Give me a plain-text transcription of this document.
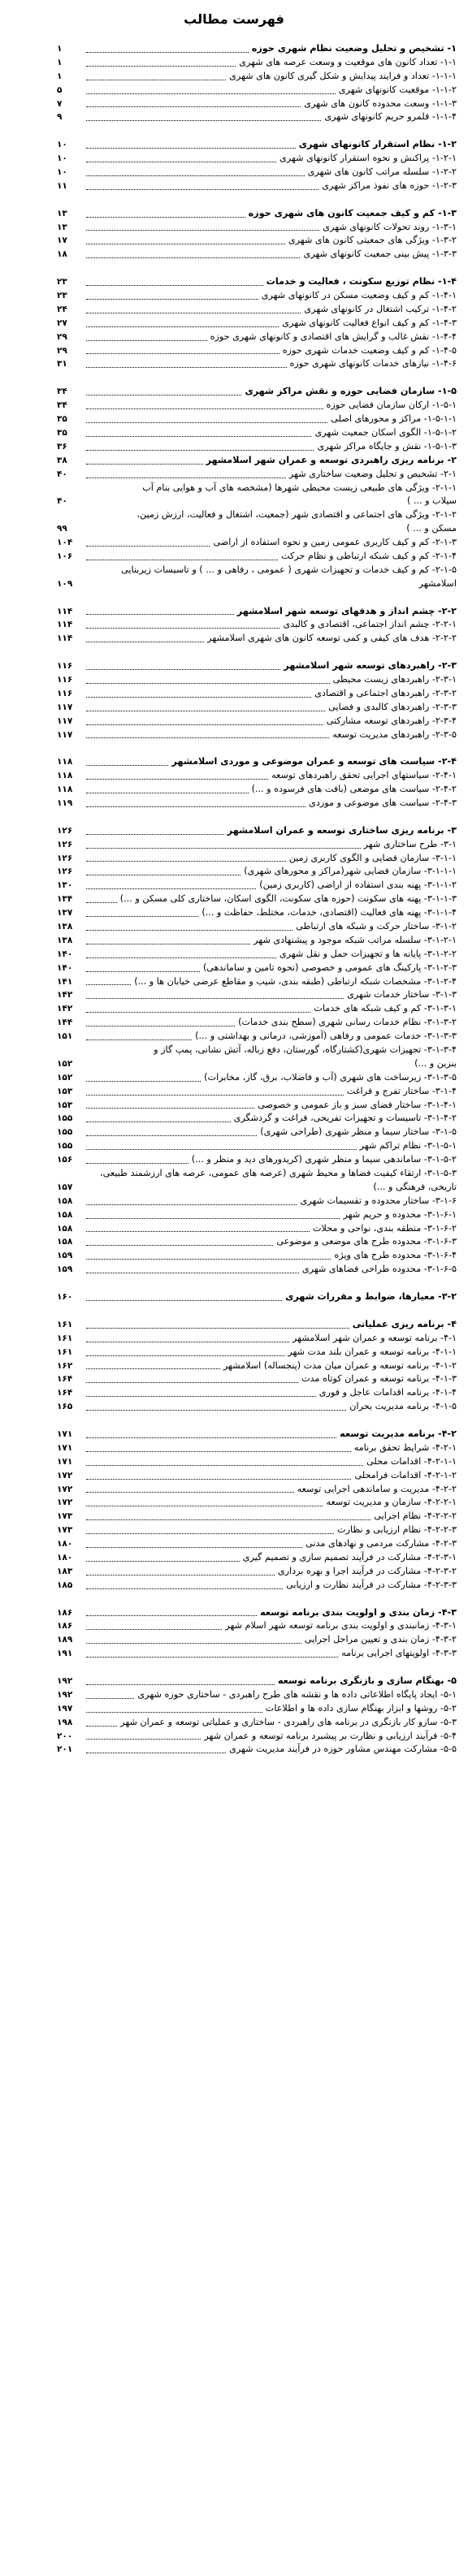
فهرست مطالب
۱- تشخیص و تحلیل وضعیت نظام شهری حوزه
۱
۱-۱- تعداد کانون های موقعیت و وسعت عرصه های شهری
۱
۱-۱-۱- تعداد و فرایند پیدایش و شکل گیری کانون های شهری
۱
۱-۱-۲- موقعیت کانونهای شهری
۵
۱-۱-۳- وسعت محدوده کانون های شهری
۷
۱-۱-۴- قلمرو حریم کانونهای شهری
۹
۱-۲- نظام استقرار کانونهای شهری
۱۰
۱-۲-۱- پراکنش و نحوه استقرار کانونهای شهری
۱۰
۱-۲-۲- سلسله مراتب کانون های شهری
۱۰
۱-۲-۳- حوزه های نفوذ مراکز شهری
۱۱
۱-۳- کم و کیف جمعیت کانون های شهری حوزه
۱۳
۱-۳-۱- روند تحولات کانونهای شهری
۱۳
۱-۳-۲- ویژگی های جمعیتی کانون های شهری
۱۷
۱-۳-۳- پیش بینی جمعیت کانونهای شهری
۱۸
۱-۴- نظام توزیع سکونت ، فعالیت و خدمات
۲۳
۱-۴-۱- کم و کیف وضعیت مسکن در کانونهای شهری
۲۳
۱-۴-۲- ترکیب اشتغال در کانونهای شهری
۲۴
۱-۴-۳- کم و کیف انواع فعالیت کانونهای شهری
۲۷
۱-۴-۴- نقش غالب و گرایش های اقتصادی و کانونهای شهری حوزه
۲۹
۱-۴-۵- کم و کیف وضعیت خدمات شهری حوزه
۲۹
۱-۴-۶- نیازهای خدمات کانونهای شهری حوزه
۳۱
۱-۵- سازمان فضایی حوزه و نقش مراکز شهری
۳۴
۱-۵-۱- ارکان سازمان فضایی حوزه
۳۴
۱-۵-۱-۱- مراکز و محورهای اصلی
۳۵
۱-۵-۱-۲- الگوی اسکان جمعیت شهری
۳۵
۱-۵-۱-۳- نقش و جایگاه مراکز شهری
۳۶
۲- برنامه ریزی راهبردی توسعه و عمران شهر اسلامشهر
۳۸
۲-۱- تشخیص و تحلیل وضعیت ساختاری شهر
۴۰
۲-۱-۱- ویژگی های طبیعی زیست محیطی شهرها (مشخصه های آب و هوایی بنام آب
سیلاب و ... )
۴۰
۲-۱-۲- ویژگی های اجتماعی و اقتصادی شهر (جمعیت، اشتغال و فعالیت، ارزش زمین،
مسکن و ... )
۹۹
۲-۱-۳- کم و کیف کاربری عمومی زمین و نحوه استفاده از اراضی
۱۰۴
۲-۱-۴- کم و کیف شبکه ارتباطی و نظام حرکت
۱۰۶
۲-۱-۵- کم و کیف خدمات و تجهیزات شهری ( عمومی ، رفاهی و ... ) و تاسیسات زیربنایی
اسلامشهر
۱۰۹
۲-۲- چشم انداز و هدفهای توسعه شهر اسلامشهر
۱۱۴
۲-۲-۱- چشم انداز اجتماعی، اقتصادی و کالبدی
۱۱۴
۲-۲-۲- هدف های کیفی و کمی توسعه کانون های شهری اسلامشهر
۱۱۴
۲-۳- راهبردهای توسعه شهر اسلامشهر
۱۱۶
۲-۳-۱- راهبردهای زیست محیطی
۱۱۶
۲-۳-۲- راهبردهای اجتماعی و اقتصادی
۱۱۶
۲-۳-۳- راهبردهای کالبدی و فضایی
۱۱۷
۲-۳-۴- راهبردهای توسعه مشارکتی
۱۱۷
۲-۳-۵- راهبردهای مدیریت توسعه
۱۱۷
۲-۴- سیاست های توسعه و عمران موضوعی و موردی اسلامشهر
۱۱۸
۲-۴-۱- سیاستهای اجرایی تحقق راهبردهای توسعه
۱۱۸
۲-۴-۲- سیاست های موضعی (بافت های فرسوده و ...)
۱۱۸
۲-۴-۳- سیاست های موضوعی و موردی
۱۱۹
۳- برنامه ریزی ساختاری توسعه و عمران اسلامشهر
۱۲۶
۳-۱- طرح ساختاری شهر
۱۲۶
۳-۱-۱- سازمان فضایی و الگوی کاربری زمین
۱۲۶
۳-۱-۱-۱- سازمان فضایی شهر(مراکز و محورهای شهری)
۱۲۶
۳-۱-۱-۲- پهنه بندی استفاده از اراضی (کاربری زمین)
۱۳۰
۳-۱-۱-۳- پهنه های سکونت (حوزه های سکونت، الگوی اسکان، ساختاری کلی مسکن و ...)
۱۳۴
۳-۱-۱-۴- پهنه های فعالیت (اقتصادی، خدمات، مختلط، حفاظت و ...)
۱۳۷
۳-۱-۲- ساختار حرکت و شبکه های ارتباطی
۱۳۸
۳-۱-۲-۱- سلسله مراتب شبکه موجود و پیشنهادی شهر
۱۳۸
۳-۱-۲-۲- پایانه ها و تجهیزات حمل و نقل شهری
۱۴۰
۳-۱-۲-۳- پارکینگ های عمومی و خصوصی (نحوه تامین و ساماندهی)
۱۴۰
۳-۱-۲-۴- مشخصات شبکه ارتباطی (طبقه بندی، شیب و مقاطع عرضی خیابان ها و ...)
۱۴۱
۳-۱-۳- ساختار خدمات شهری
۱۴۲
۳-۱-۳-۱- کم و کیف شبکه های خدمات
۱۴۲
۳-۱-۳-۲- نظام خدمات رسانی شهری (سطح بندی خدمات)
۱۴۴
۳-۱-۳-۳- خدمات عمومی و رفاهی (آموزشی، درمانی و بهداشتی و ...)
۱۵۱
۳-۱-۳-۴- تجهیزات شهری(کشتارگاه، گورستان، دفع زباله، آتش نشانی، پمپ گاز و
بنزین و ...)
۱۵۲
۳-۱-۳-۵- زیرساخت های شهری (آب و فاضلاب، برق، گاز، مخابرات)
۱۵۲
۳-۱-۴- ساختار تفرج و فراغت
۱۵۳
۳-۱-۴-۱- ساختار فضای سبز و باز عمومی و خصوصی
۱۵۳
۳-۱-۴-۲- تاسیسات و تجهیزات تفریحی، فراغت و گردشگری
۱۵۵
۳-۱-۵- ساختار سیما و منظر شهری (طراحی شهری)
۱۵۵
۳-۱-۵-۱- نظام تراکم شهر
۱۵۵
۳-۱-۵-۲- ساماندهی سیما و منظر شهری (کریدورهای دید و منظر و ...)
۱۵۶
۳-۱-۵-۳- ارتقاء کیفیت فضاها و محیط شهری (عرصه های عمومی، عرصه های ارزشمند طبیعی،
تاریخی، فرهنگی و ...)
۱۵۷
۳-۱-۶- ساختار محدوده و تقسیمات شهری
۱۵۸
۳-۱-۶-۱- محدوده و حریم شهر
۱۵۸
۳-۱-۶-۲- منطقه بندی، نواحی و محلات
۱۵۸
۳-۱-۶-۳- محدوده طرح های موضعی و موضوعی
۱۵۸
۳-۱-۶-۴- محدوده طرح های ویژه
۱۵۹
۳-۱-۶-۵- محدوده طراحی فضاهای شهری
۱۵۹
۳-۲- معیارها، ضوابط و مقررات شهری
۱۶۰
۴- برنامه ریزی عملیاتی
۱۶۱
۴-۱- برنامه توسعه و عمران شهر اسلامشهر
۱۶۱
۴-۱-۱- برنامه توسعه و عمران بلند مدت شهر
۱۶۱
۴-۱-۲- برنامه توسعه و عمران میان مدت (پنجساله) اسلامشهر
۱۶۲
۴-۱-۳- برنامه توسعه و عمران کوتاه مدت
۱۶۴
۴-۱-۴- برنامه اقدامات عاجل و فوری
۱۶۴
۴-۱-۵- برنامه مدیریت بحران
۱۶۵
۴-۲- برنامه مدیریت توسعه
۱۷۱
۴-۲-۱- شرایط تحقق برنامه
۱۷۱
۴-۲-۱-۱- اقدامات محلی
۱۷۱
۴-۲-۱-۲- اقدامات فرامحلی
۱۷۲
۴-۲-۲- مدیریت و ساماندهی اجرایی توسعه
۱۷۲
۴-۲-۲-۱- سازمان و مدیریت توسعه
۱۷۲
۴-۲-۲-۲- نظام اجرایی
۱۷۳
۴-۲-۲-۳- نظام ارزیابی و نظارت
۱۷۳
۴-۲-۳- مشارکت مردمی و نهادهای مدنی
۱۸۰
۴-۲-۳-۱- مشارکت در فرآیند تصمیم سازی و تصمیم گیری
۱۸۰
۴-۲-۳-۲- مشارکت در فرآیند اجرا و بهره برداری
۱۸۳
۴-۲-۳-۳- مشارکت در فرآیند نظارت و ارزیابی
۱۸۵
۴-۳- زمان بندی و اولویت بندی برنامه توسعه
۱۸۶
۴-۳-۱- زمانبندی و اولویت بندی برنامه توسعه شهر اسلام شهر
۱۸۶
۴-۳-۲- زمان بندی و تعیین مراحل اجرایی
۱۸۹
۴-۳-۳- اولویتهای اجرایی برنامه
۱۹۱
۵- بهنگام سازی و بازنگری برنامه توسعه
۱۹۲
۵-۱- ایجاد پایگاه اطلاعاتی داده ها و نقشه های طرح راهبردی - ساختاری حوزه شهری
۱۹۲
۵-۲- روشها و ابزار بهنگام سازی داده ها و اطلاعات
۱۹۷
۵-۳- سازو کار بازنگری در برنامه های راهبردی - ساختاری و عملیاتی توسعه و عمران شهر
۱۹۸
۵-۴- فرآیند ارزیابی و نظارت بر پیشبرد برنامه توسعه و عمران شهر
۲۰۰
۵-۵- مشارکت مهندس مشاور حوزه در فرآیند مدیریت شهری
۲۰۱
